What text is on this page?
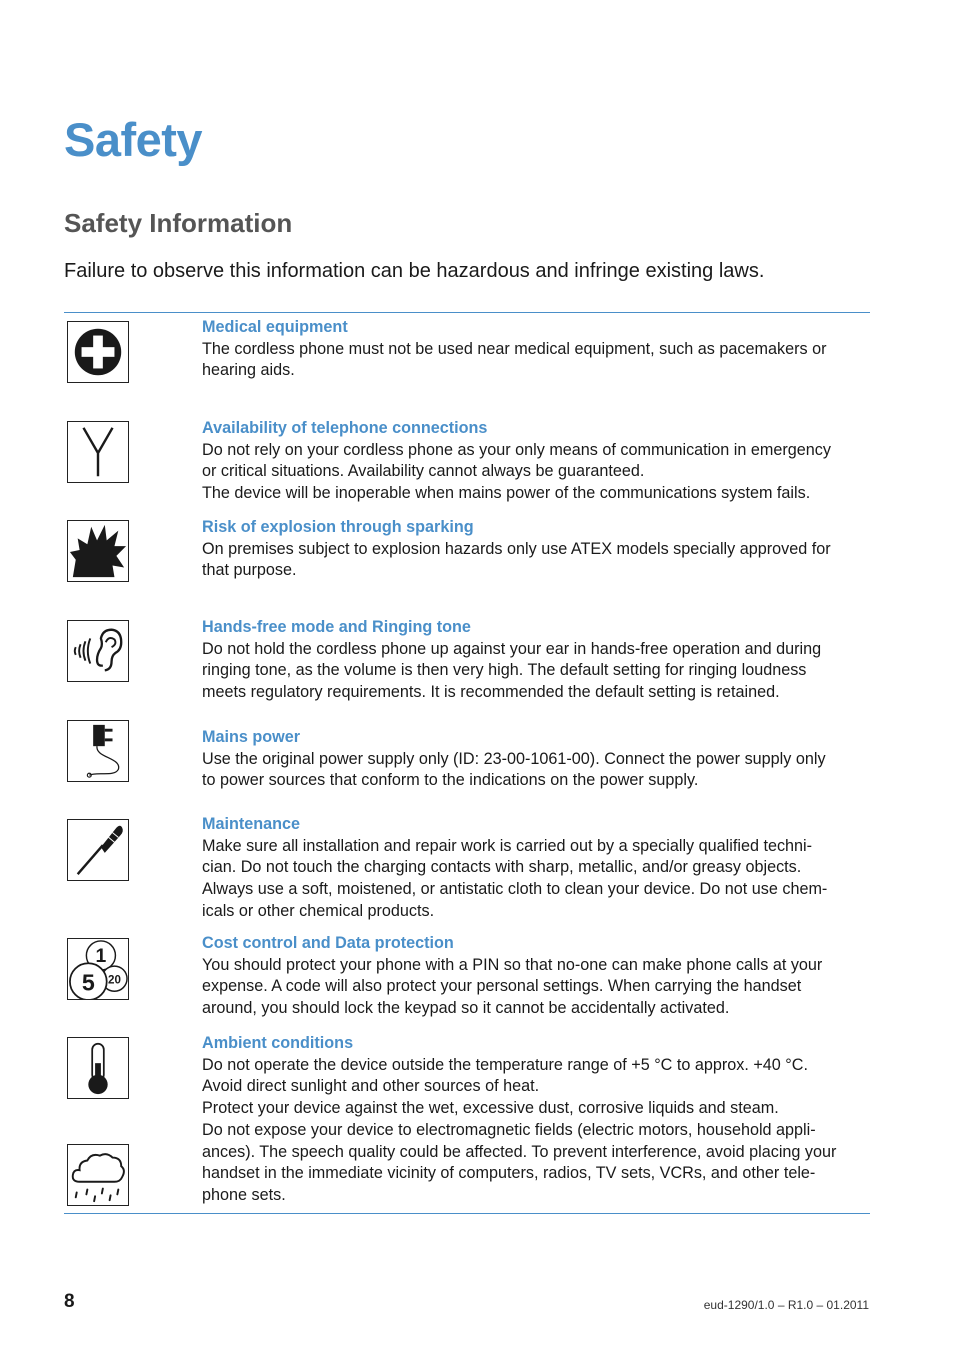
Safety
Safety Information

Failure to observe this information can be hazardous and infringe existing laws.

1
20
5
Medical equipment
The cordless phone must not be used near medical equipment, such as pacemakers or
hearing aids.
Availability of telephone connections
Do not rely on your cordless phone as your only means of communication in emergency
or critical situations. Availability cannot always be guaranteed.
The device will be inoperable when mains power of the communications system fails.
Risk of explosion through sparking
On premises subject to explosion hazards only use ATEX models specially approved for
that purpose.
Hands-free mode and Ringing tone
Do not hold the cordless phone up against your ear in hands-free operation and during
ringing tone, as the volume is then very high. The default setting for ringing loudness
meets regulatory requirements. It is recommended the default setting is retained.
Mains power
Use the original power supply only (ID: 23-00-1061-00). Connect the power supply only
to power sources that conform to the indications on the power supply.
Maintenance
Make sure all installation and repair work is carried out by a specially qualified techni-
cian. Do not touch the charging contacts with sharp, metallic, and/or greasy objects.
Always use a soft, moistened, or antistatic cloth to clean your device. Do not use chem-
icals or other chemical products.
Cost control and Data protection
You should protect your phone with a PIN so that no-one can make phone calls at your
expense. A code will also protect your personal settings. When carrying the handset
around, you should lock the keypad so it cannot be accidentally activated.
Ambient conditions
Do not operate the device outside the temperature range of +5 °C to approx. +40 °C.
Avoid direct sunlight and other sources of heat.
Protect your device against the wet, excessive dust, corrosive liquids and steam.
Do not expose your device to electromagnetic fields (electric motors, household appli-
ances). The speech quality could be affected. To prevent interference, avoid placing your
handset in the immediate vicinity of computers, radios, TV sets, VCRs, and other tele-
phone sets.
8	eud-1290/1.0 – R1.0 – 01.2011
